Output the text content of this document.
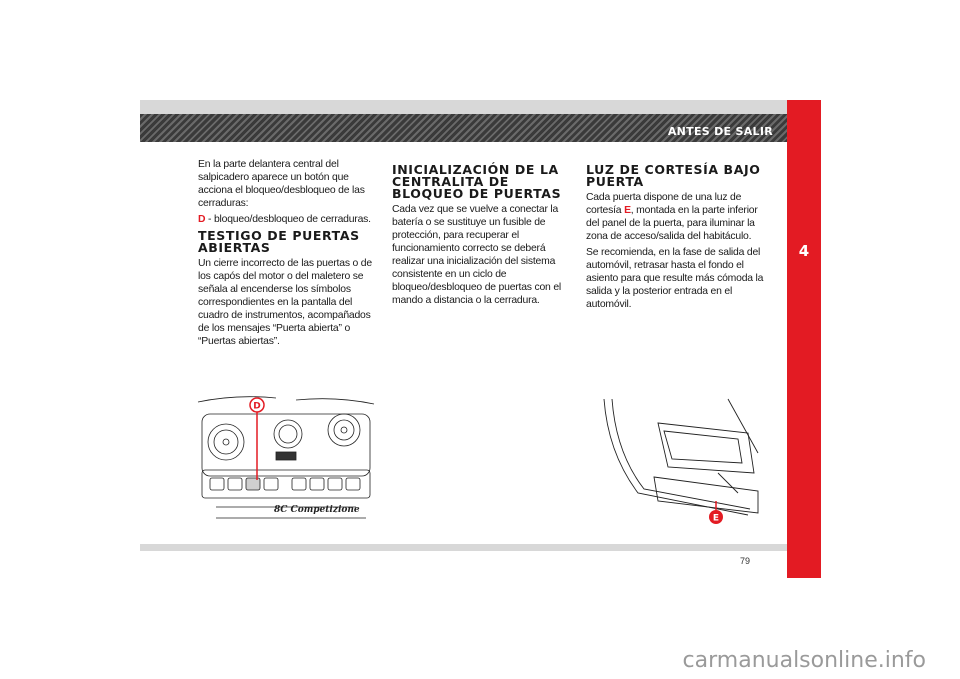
ANTES DE SALIR
4

En la parte delantera central del salpicadero aparece un botón que acciona el bloqueo/desbloqueo de las cerraduras:

D - bloqueo/desbloqueo de cerraduras.

TESTIGO DE PUERTAS ABIERTAS

Un cierre incorrecto de las puertas o de los capós del motor o del maletero se señala al encenderse los símbolos correspondientes en la pantalla del cuadro de instrumentos, acompañados de los mensajes “Puerta abierta” o “Puertas abiertas”.

INICIALIZACIÓN DE LA CENTRALITA DE BLOQUEO DE PUERTAS

Cada vez que se vuelve a conectar la batería o se sustituye un fusible de protección, para recuperar el funcionamiento correcto se deberá realizar una inicialización del sistema consistente en un ciclo de bloqueo/desbloqueo de puertas con el mando a distancia o la cerradura.

LUZ DE CORTESÍA BAJO PUERTA

Cada puerta dispone de una luz de cortesía E, montada en la parte inferior del panel de la puerta, para iluminar la zona de acceso/salida del habitáculo.

Se recomienda, en la fase de salida del automóvil, retrasar hasta el fondo el asiento para que resulte más cómoda la salida y la posterior entrada en el automóvil.

D
8C Competizione
E
79
carmanualsonline.info
